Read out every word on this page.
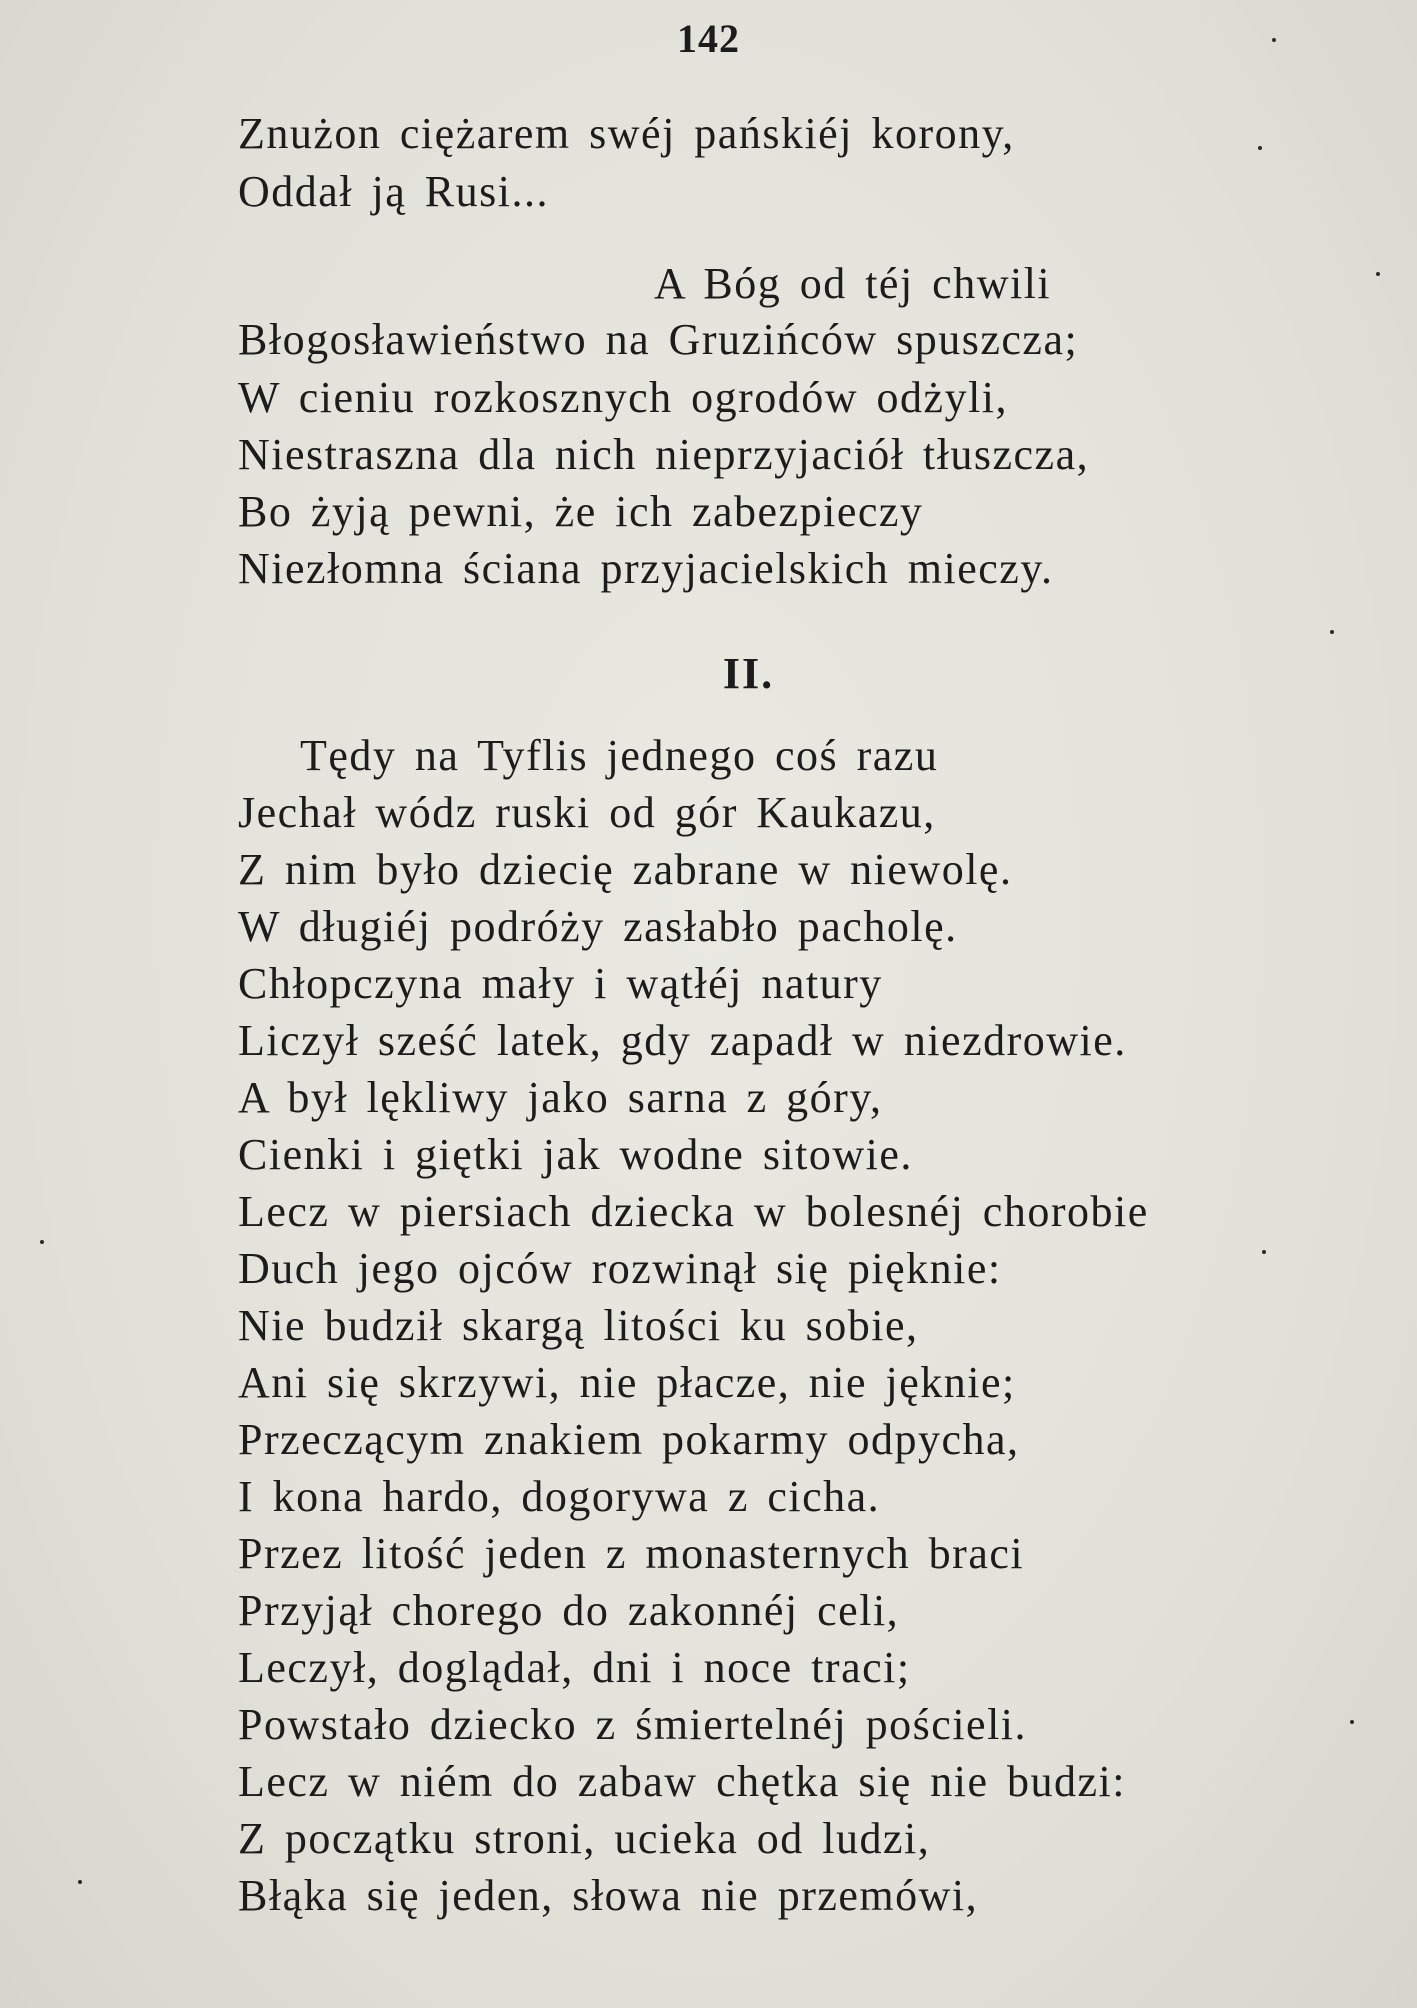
142
Znużon ciężarem swéj pańskiéj korony,
Oddał ją Rusi...
A Bóg od téj chwili
Błogosławieństwo na Gruzińców spuszcza;
W cieniu rozkosznych ogrodów odżyli,
Niestraszna dla nich nieprzyjaciół tłuszcza,
Bo żyją pewni, że ich zabezpieczy
Niezłomna ściana przyjacielskich mieczy.
II.
Tędy na Tyflis jednego coś razu
Jechał wódz ruski od gór Kaukazu,
Z nim było dziecię zabrane w niewolę.
W długiéj podróży zasłabło pacholę.
Chłopczyna mały i wątłéj natury
Liczył sześć latek, gdy zapadł w niezdrowie.
A był lękliwy jako sarna z góry,
Cienki i giętki jak wodne sitowie.
Lecz w piersiach dziecka w bolesnéj chorobie
Duch jego ojców rozwinął się pięknie:
Nie budził skargą litości ku sobie,
Ani się skrzywi, nie płacze, nie jęknie;
Przeczącym znakiem pokarmy odpycha,
I kona hardo, dogorywa z cicha.
Przez litość jeden z monasternych braci
Przyjął chorego do zakonnéj celi,
Leczył, doglądał, dni i noce traci;
Powstało dziecko z śmiertelnéj pościeli.
Lecz w niém do zabaw chętka się nie budzi:
Z początku stroni, ucieka od ludzi,
Błąka się jeden, słowa nie przemówi,
